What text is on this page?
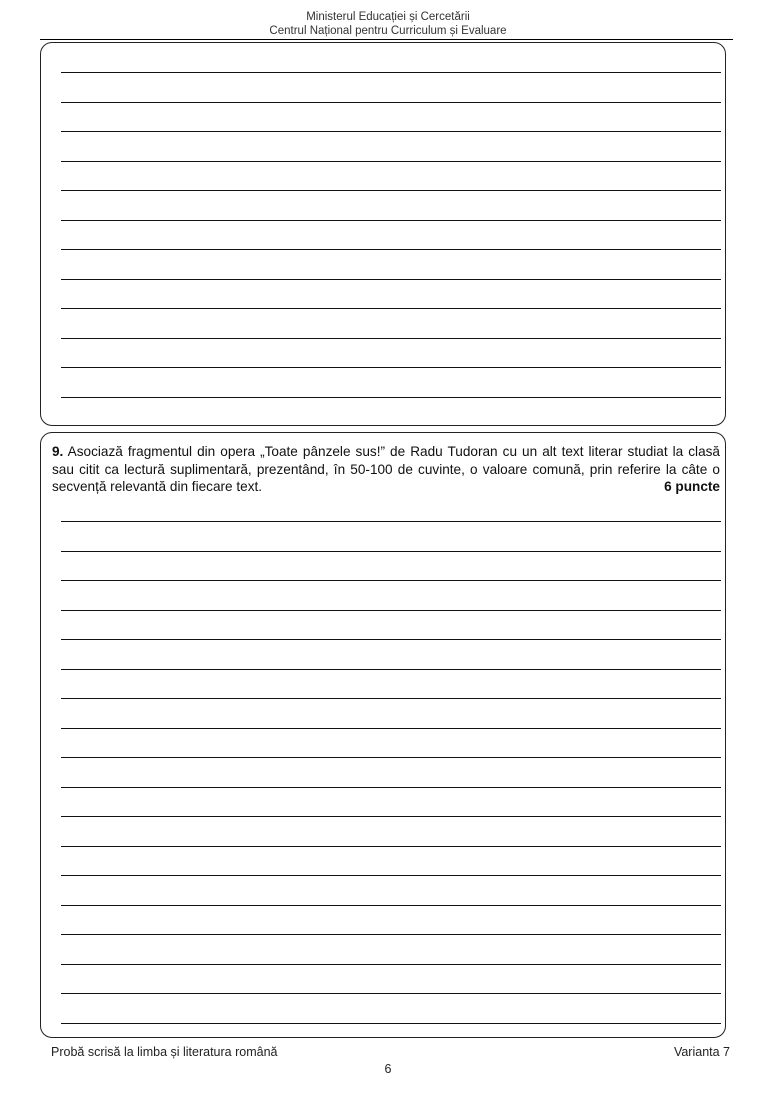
Ministerul Educației și Cercetării
Centrul Național pentru Curriculum și Evaluare
9. Asociază fragmentul din opera „Toate pânzele sus!” de Radu Tudoran cu un alt text literar studiat la clasă sau citit ca lectură suplimentară, prezentând, în 50-100 de cuvinte, o valoare comună, prin referire la câte o secvență relevantă din fiecare text.	6 puncte
Probă scrisă la limba și literatura română	Varianta 7
6
